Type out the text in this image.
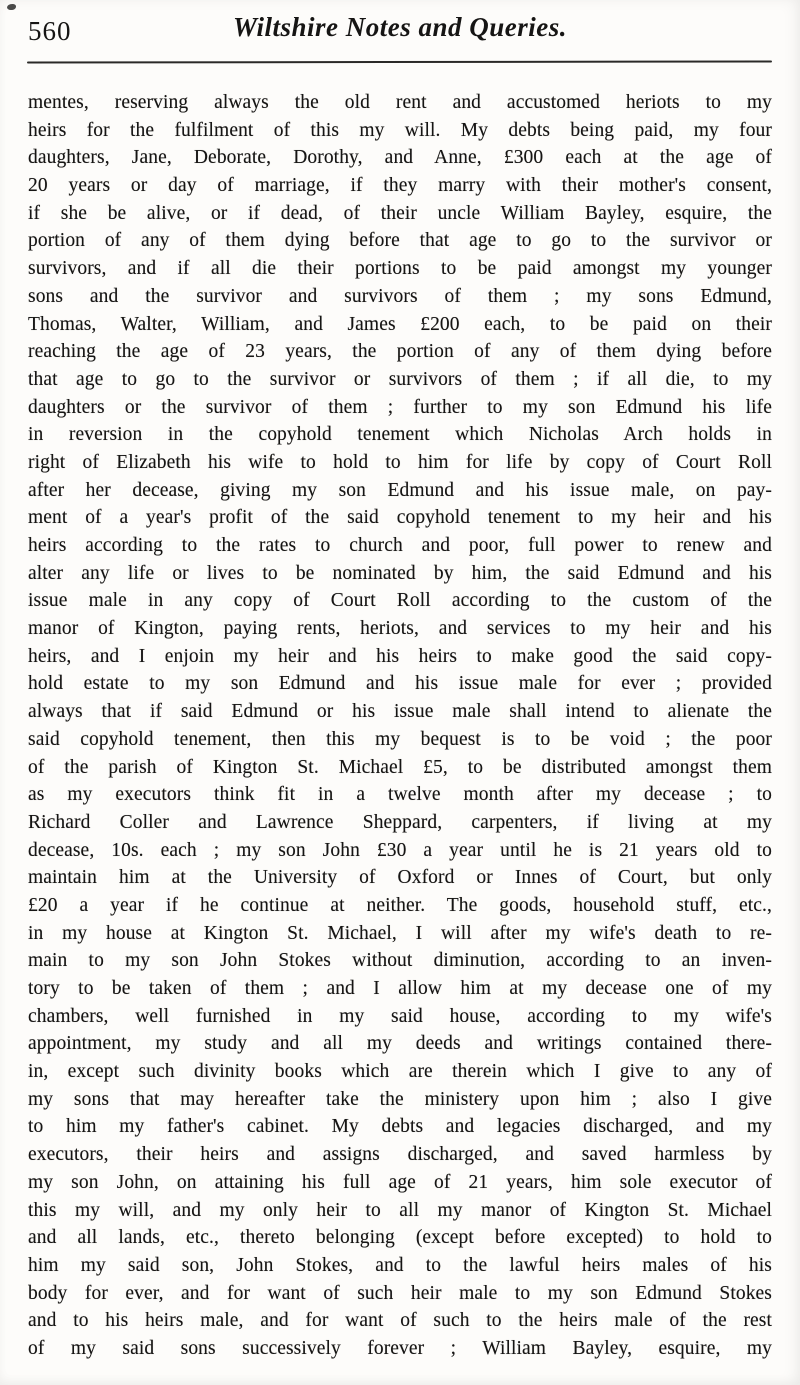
560	Wiltshire Notes and Queries.
mentes, reserving always the old rent and accustomed heriots to my
heirs for the fulfilment of this my will. My debts being paid, my four
daughters, Jane, Deborate, Dorothy, and Anne, £300 each at the age of
20 years or day of marriage, if they marry with their mother's consent,
if she be alive, or if dead, of their uncle William Bayley, esquire, the
portion of any of them dying before that age to go to the survivor or
survivors, and if all die their portions to be paid amongst my younger
sons and the survivor and survivors of them ; my sons Edmund,
Thomas, Walter, William, and James £200 each, to be paid on their
reaching the age of 23 years, the portion of any of them dying before
that age to go to the survivor or survivors of them ; if all die, to my
daughters or the survivor of them ; further to my son Edmund his life
in reversion in the copyhold tenement which Nicholas Arch holds in
right of Elizabeth his wife to hold to him for life by copy of Court Roll
after her decease, giving my son Edmund and his issue male, on pay-
ment of a year's profit of the said copyhold tenement to my heir and his
heirs according to the rates to church and poor, full power to renew and
alter any life or lives to be nominated by him, the said Edmund and his
issue male in any copy of Court Roll according to the custom of the
manor of Kington, paying rents, heriots, and services to my heir and his
heirs, and I enjoin my heir and his heirs to make good the said copy-
hold estate to my son Edmund and his issue male for ever ; provided
always that if said Edmund or his issue male shall intend to alienate the
said copyhold tenement, then this my bequest is to be void ; the poor
of the parish of Kington St. Michael £5, to be distributed amongst them
as my executors think fit in a twelve month after my decease ; to
Richard Coller and Lawrence Sheppard, carpenters, if living at my
decease, 10s. each ; my son John £30 a year until he is 21 years old to
maintain him at the University of Oxford or Innes of Court, but only
£20 a year if he continue at neither. The goods, household stuff, etc.,
in my house at Kington St. Michael, I will after my wife's death to re-
main to my son John Stokes without diminution, according to an inven-
tory to be taken of them ; and I allow him at my decease one of my
chambers, well furnished in my said house, according to my wife's
appointment, my study and all my deeds and writings contained there-
in, except such divinity books which are therein which I give to any of
my sons that may hereafter take the ministery upon him ; also I give
to him my father's cabinet. My debts and legacies discharged, and my
executors, their heirs and assigns discharged, and saved harmless by
my son John, on attaining his full age of 21 years, him sole executor of
this my will, and my only heir to all my manor of Kington St. Michael
and all lands, etc., thereto belonging (except before excepted) to hold to
him my said son, John Stokes, and to the lawful heirs males of his
body for ever, and for want of such heir male to my son Edmund Stokes
and to his heirs male, and for want of such to the heirs male of the rest
of my said sons successively forever ; William Bayley, esquire, my
